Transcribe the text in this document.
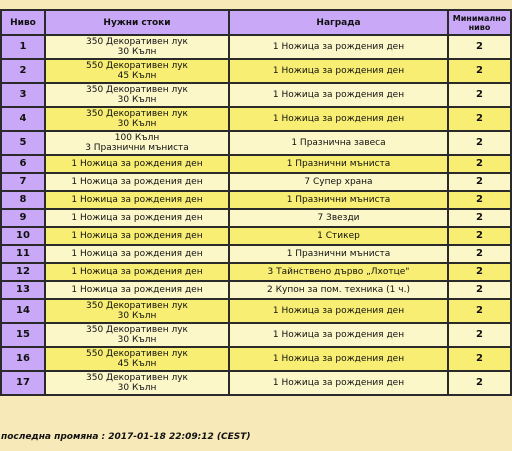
Ниво	Нужни стоки	Награда	Минимално
ниво

1	350 Декоративен лук
30 Кълн	1 Ножица за рождения ден	2
2	550 Декоративен лук
45 Кълн	1 Ножица за рождения ден	2
3	350 Декоративен лук
30 Кълн	1 Ножица за рождения ден	2
4	350 Декоративен лук
30 Кълн	1 Ножица за рождения ден	2
5	100 Кълн
3 Празнични мъниста	1 Празнична завеса	2
6	1 Ножица за рождения ден	1 Празнични мъниста	2
7	1 Ножица за рождения ден	7 Супер храна	2
8	1 Ножица за рождения ден	1 Празнични мъниста	2
9	1 Ножица за рождения ден	7 Звезди	2
10	1 Ножица за рождения ден	1 Стикер	2
11	1 Ножица за рождения ден	1 Празнични мъниста	2
12	1 Ножица за рождения ден	3 Тайнствено дърво „Лхотце"	2
13	1 Ножица за рождения ден	2 Купон за пом. техника (1 ч.)	2
14	350 Декоративен лук
30 Кълн	1 Ножица за рождения ден	2
15	350 Декоративен лук
30 Кълн	1 Ножица за рождения ден	2
16	550 Декоративен лук
45 Кълн	1 Ножица за рождения ден	2
17	350 Декоративен лук
30 Кълн	1 Ножица за рождения ден	2
последна промяна : 2017-01-18 22:09:12 (CEST)
